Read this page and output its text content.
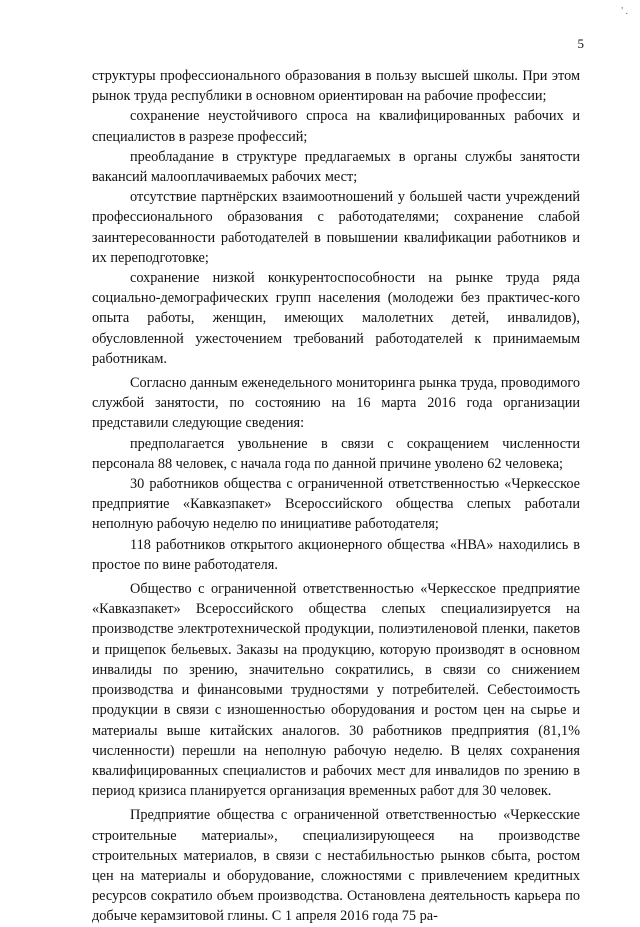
' .
5

структуры профессионального образования в пользу высшей школы. При этом рынок труда республики в основном ориентирован на рабочие профессии;

сохранение неустойчивого спроса на квалифицированных рабочих и специалистов в разрезе профессий;

преобладание в структуре предлагаемых в органы службы занятости вакансий малооплачиваемых рабочих мест;

отсутствие партнёрских взаимоотношений у большей части учреждений профессионального образования с работодателями; сохранение слабой заинтересованности работодателей в повышении квалификации работников и их переподготовке;

сохранение низкой конкурентоспособности на рынке труда ряда социально-демографических групп населения (молодежи без практичес-кого опыта работы, женщин, имеющих малолетних детей, инвалидов), обусловленной ужесточением требований работодателей к принимаемым работникам.

Согласно данным еженедельного мониторинга рынка труда, проводимого службой занятости, по состоянию на 16 марта 2016 года организации представили следующие сведения:

предполагается увольнение в связи с сокращением численности персонала 88 человек, с начала года по данной причине уволено 62 человека;

30 работников общества с ограниченной ответственностью «Черкесское предприятие «Кавказпакет» Всероссийского общества слепых работали неполную рабочую неделю по инициативе работодателя;

118 работников открытого акционерного общества «НВА» находились в простое по вине работодателя.

Общество с ограниченной ответственностью «Черкесское предприятие «Кавказпакет» Всероссийского общества слепых специализируется на производстве электротехнической продукции, полиэтиленовой пленки, пакетов и прищепок бельевых. Заказы на продукцию, которую производят в основном инвалиды по зрению, значительно сократились, в связи со снижением производства и финансовыми трудностями у потребителей. Себестоимость продукции в связи с изношенностью оборудования и ростом цен на сырье и материалы выше китайских аналогов. 30 работников предприятия (81,1% численности) перешли на неполную рабочую неделю. В целях сохранения квалифицированных специалистов и рабочих мест для инвалидов по зрению в период кризиса планируется организация временных работ для 30 человек.

Предприятие общества с ограниченной ответственностью «Черкесские строительные материалы», специализирующееся на производстве строительных материалов, в связи с нестабильностью рынков сбыта, ростом цен на материалы и оборудование, сложностями с привлечением кредитных ресурсов сократило объем производства. Остановлена деятельность карьера по добыче керамзитовой глины. С 1 апреля 2016 года 75 ра-
